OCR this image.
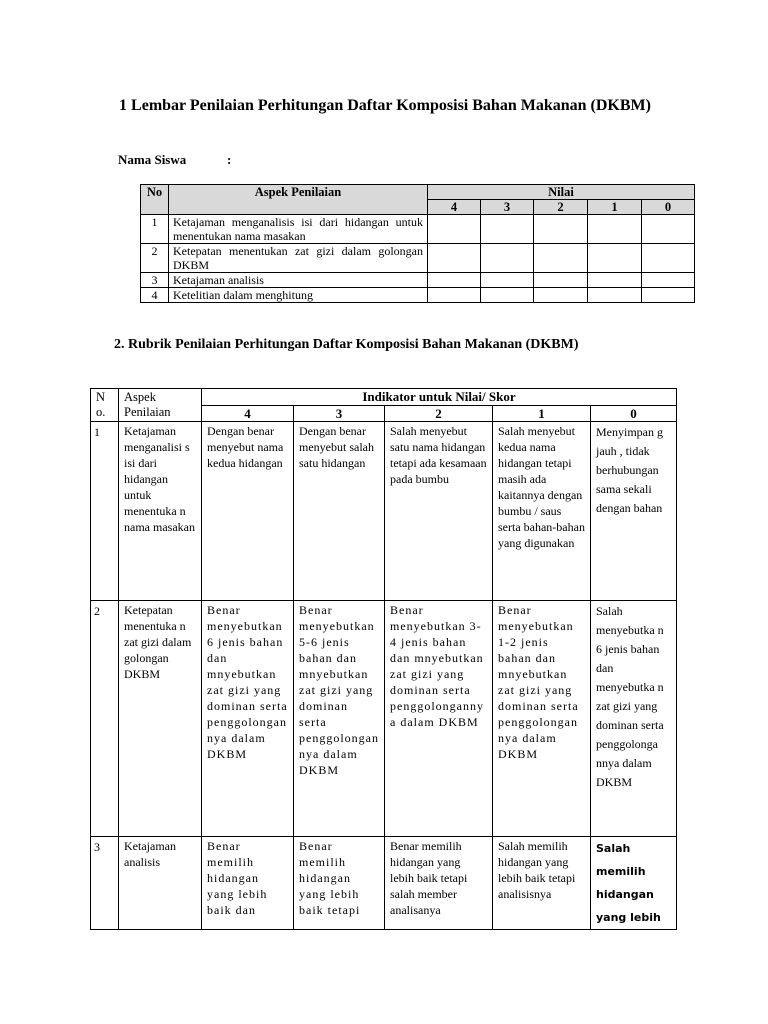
1 Lembar Penilaian Perhitungan Daftar Komposisi Bahan Makanan (DKBM)
Nama Siswa	:
No	Aspek Penilaian	Nilai				
		4	3	2	1	0
1	Ketajaman menganalisis isi dari hidangan untuk menentukan nama masakan					
2	Ketepatan menentukan zat gizi dalam golongan DKBM					
3	Ketajaman analisis					
4	Ketelitian dalam menghitung					
2. Rubrik Penilaian Perhitungan Daftar Komposisi Bahan Makanan (DKBM)
N o.	Aspek Penilaian	Indikator untuk Nilai/ Skor				
		4	3	2	1	0
1	Ketajaman menganalisi s isi dari hidangan untuk menentuka n nama masakan	Dengan benar menyebut nama kedua hidangan	Dengan benar menyebut salah satu hidangan	Salah menyebut satu nama hidangan tetapi ada kesamaan pada bumbu	Salah menyebut kedua nama hidangan tetapi masih ada kaitannya dengan bumbu / saus serta bahan-bahan yang digunakan	Menyimpan g jauh , tidak berhubungan sama sekali dengan bahan
2	Ketepatan menentuka n zat gizi dalam golongan DKBM	Benar menyebutkan 6 jenis bahan dan mnyebutkan zat gizi yang dominan serta penggolongan nya dalam DKBM	Benar menyebutkan 5-6 jenis bahan dan mnyebutkan zat gizi yang dominan serta penggolongan nya dalam DKBM	Benar menyebutkan 3-4 jenis bahan dan mnyebutkan zat gizi yang dominan serta penggolonganny a dalam DKBM	Benar menyebutkan 1-2 jenis bahan dan mnyebutkan zat gizi yang dominan serta penggolongan nya dalam DKBM	Salah menyebutka n 6 jenis bahan dan menyebutka n zat gizi yang dominan serta penggolonga nnya dalam DKBM
3	Ketajaman analisis	Benar memilih hidangan yang lebih baik dan	Benar memilih hidangan yang lebih baik tetapi	Benar memilih hidangan yang lebih baik tetapi salah member analisanya	Salah memilih hidangan yang lebih baik tetapi analisisnya	Salah memilih hidangan yang lebih
